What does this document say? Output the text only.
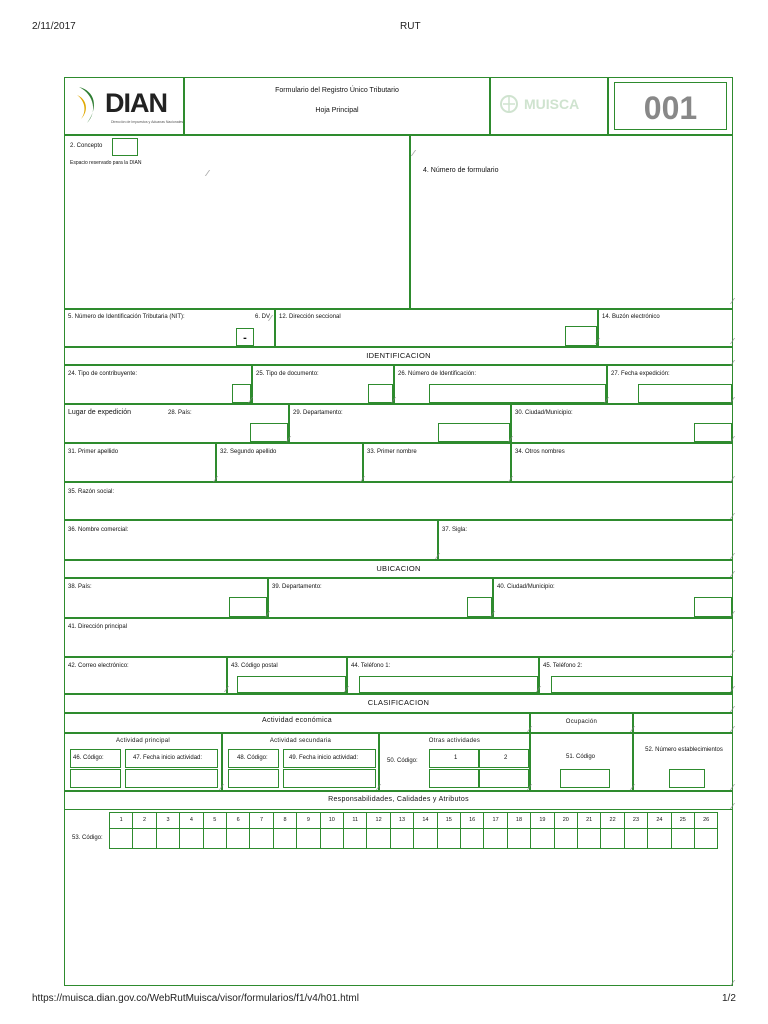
2/11/2017	RUT
DIAN
Dirección de Impuestos y Aduanas Nacionales
Formulario del Registro Único Tributario
Hoja Principal	MUISCA	001
2. Concepto
Espacio reservado para la DIAN
4. Número de formulario
5. Número de Identificación Tributaria (NIT):	6. DV
-
12. Dirección seccional	14. Buzón electrónico
IDENTIFICACION
24. Tipo de contribuyente:	25. Tipo de documento:	26. Número de Identificación:	27. Fecha expedición:
Lugar de expedición	28. País:	29. Departamento:	30. Ciudad/Municipio:
31. Primer apellido	32. Segundo apellido	33. Primer nombre	34. Otros nombres
35. Razón social:
36. Nombre comercial:	37. Sigla:
UBICACION
38. País:	39. Departamento:	40. Ciudad/Municipio:
41. Dirección principal
42. Correo electrónico:	43. Código postal	44. Teléfono 1:	45. Teléfono 2:
CLASIFICACION
Actividad económica	Ocupación
Actividad principal
46. Código:	47. Fecha inicio actividad:
Actividad secundaria
48. Código:	49. Fecha inicio actividad:
Otras actividades
50. Código:	1	2	51. Código
52. Número establecimientos
Responsabilidades, Calidades y Atributos
53. Código:
1	2	3	4	5	6	7	8	9	10	11	12	13	14	15	16	17	18	19	20	21	22	23	24	25	26
https://muisca.dian.gov.co/WebRutMuisca/visor/formularios/f1/v4/h01.html	1/2
